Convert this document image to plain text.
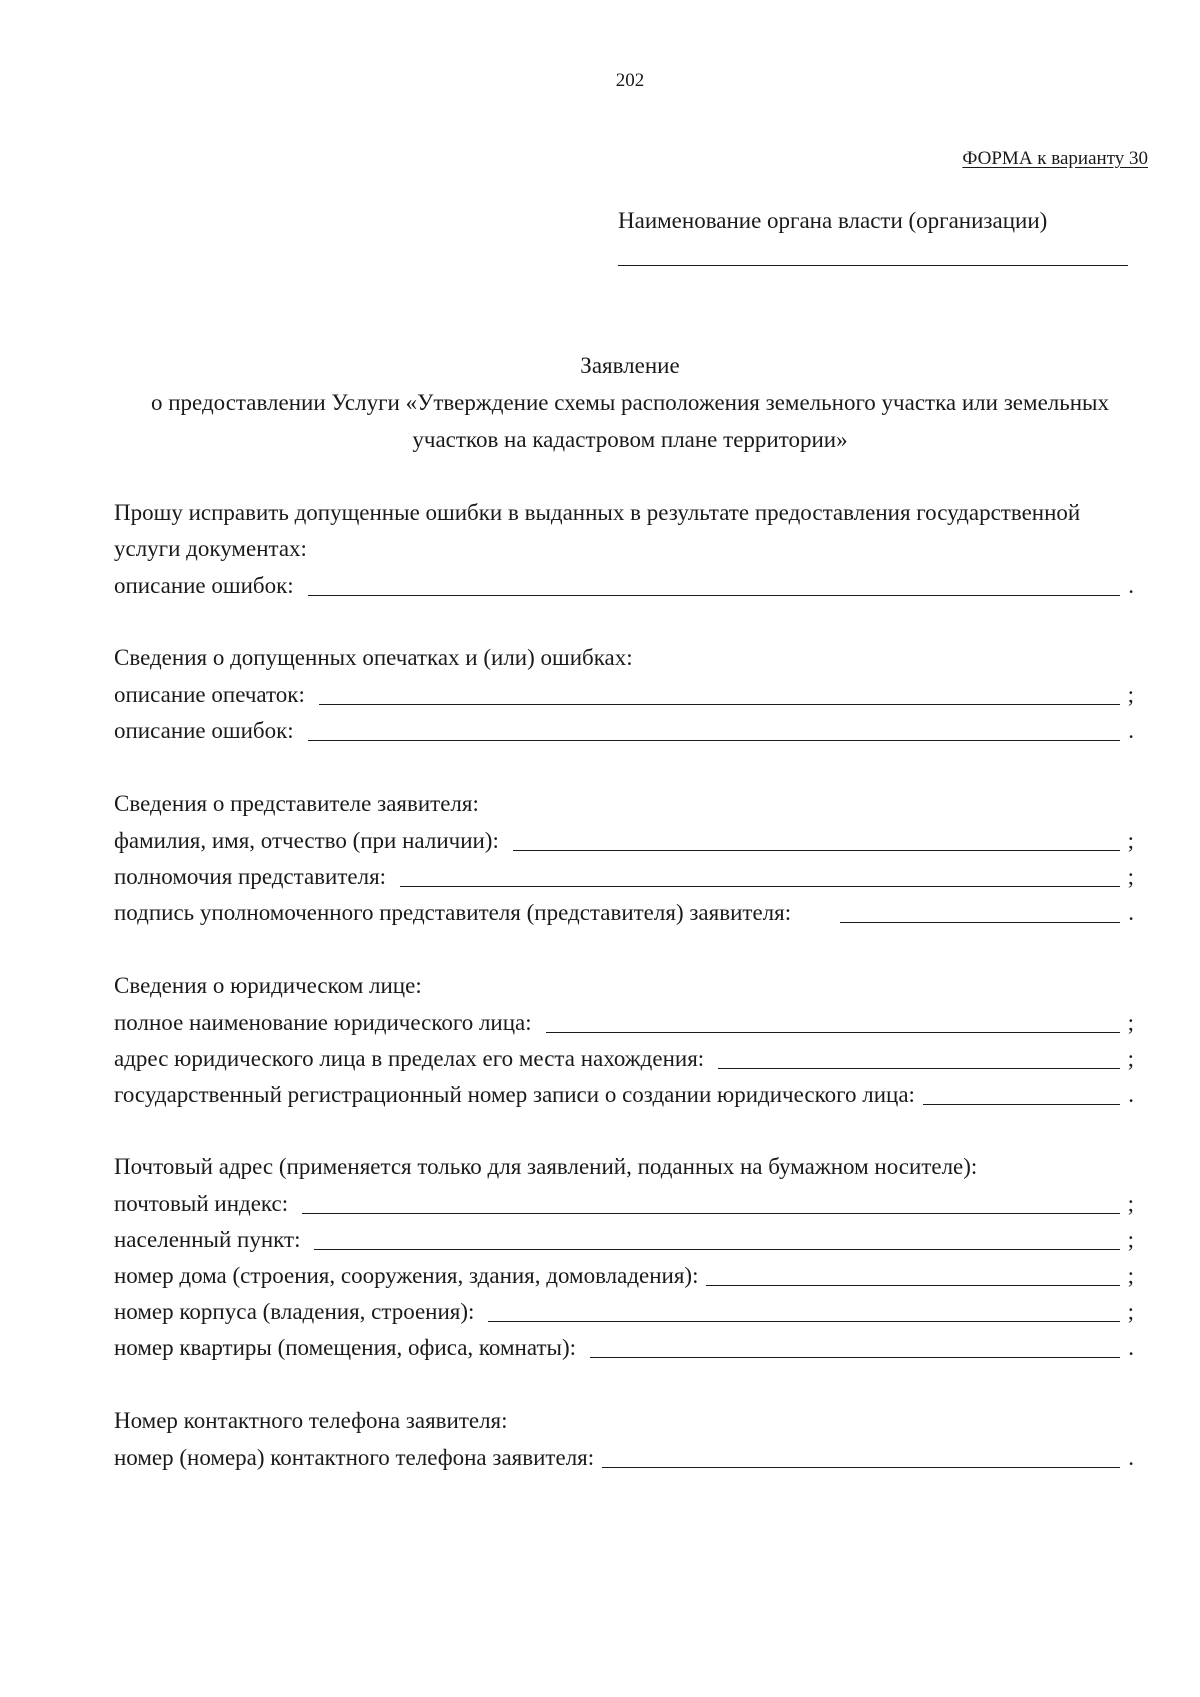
202
ФОРМА к варианту 30
Наименование органа власти (организации)
Заявление
о предоставлении Услуги «Утверждение схемы расположения земельного участка или земельных
участков на кадастровом плане территории»
Прошу исправить допущенные ошибки в выданных в результате предоставления государственной
услуги документах:
описание ошибок:	.
Сведения о допущенных опечатках и (или) ошибках:
описание опечаток:	;
описание ошибок:	.
Сведения о представителе заявителя:
фамилия, имя, отчество (при наличии):	;
полномочия представителя:	;
подпись уполномоченного представителя (представителя) заявителя:	.
Сведения о юридическом лице:
полное наименование юридического лица:	;
адрес юридического лица в пределах его места нахождения:	;
государственный регистрационный номер записи о создании юридического лица:	.
Почтовый адрес (применяется только для заявлений, поданных на бумажном носителе):
почтовый индекс:	;
населенный пункт:	;
номер дома (строения, сооружения, здания, домовладения):	;
номер корпуса (владения, строения):	;
номер квартиры (помещения, офиса, комнаты):	.
Номер контактного телефона заявителя:
номер (номера) контактного телефона заявителя:	.
